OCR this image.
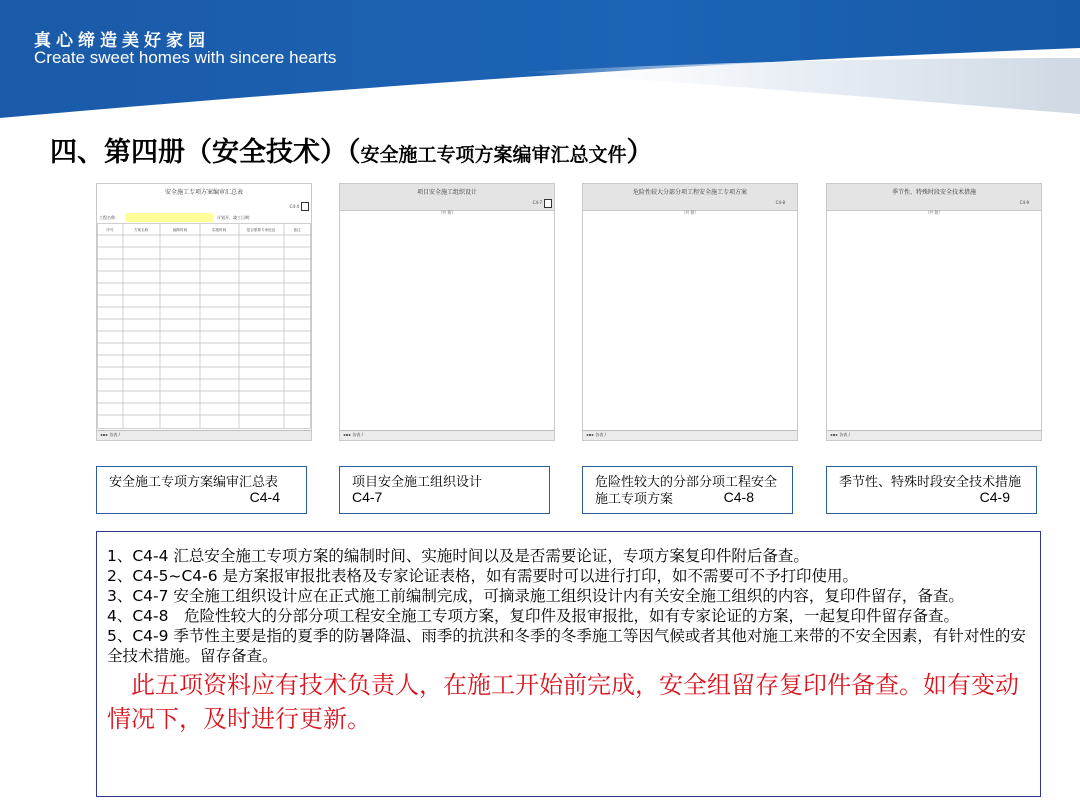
真心缔造美好家园
Create sweet homes with sincere hearts
四、第四册（安全技术）（安全施工专项方案编审汇总文件）
安全施工专项方案编审汇总表
C4-4
工程名称：	计划开、竣工日期：
序号	方案名称	编制时间	实施时间	是否需要专家论证	备注
◂◂▸▸ 各表 /
项目安全施工组织设计
C4-7
（共 附）
◂◂▸▸ 各表 /
危险性较大分部分项工程安全施工专项方案
C4-8
（共 附）
◂◂▸▸ 各表 /
季节性、特殊时段安全技术措施
C4-9
（共 附）
◂◂▸▸ 各表 /
安全施工专项方案编审汇总表
C4-4
项目安全施工组织设计
C4-7
危险性较大的分部分项工程安全施工专项方案	C4-8
季节性、特殊时段安全技术措施
C4-9

1、C4-4 汇总安全施工专项方案的编制时间、实施时间以及是否需要论证，专项方案复印件附后备查。

2、C4-5~C4-6 是方案报审报批表格及专家论证表格，如有需要时可以进行打印，如不需要可不予打印使用。

3、C4-7 安全施工组织设计应在正式施工前编制完成，可摘录施工组织设计内有关安全施工组织的内容，复印件留存，备查。

4、C4-8　危险性较大的分部分项工程安全施工专项方案，复印件及报审报批，如有专家论证的方案，一起复印件留存备查。

5、C4-9 季节性主要是指的夏季的防暑降温、雨季的抗洪和冬季的冬季施工等因气候或者其他对施工来带的不安全因素，有针对性的安全技术措施。留存备查。

　此五项资料应有技术负责人，在施工开始前完成，安全组留存复印件备查。如有变动情况下，及时进行更新。
